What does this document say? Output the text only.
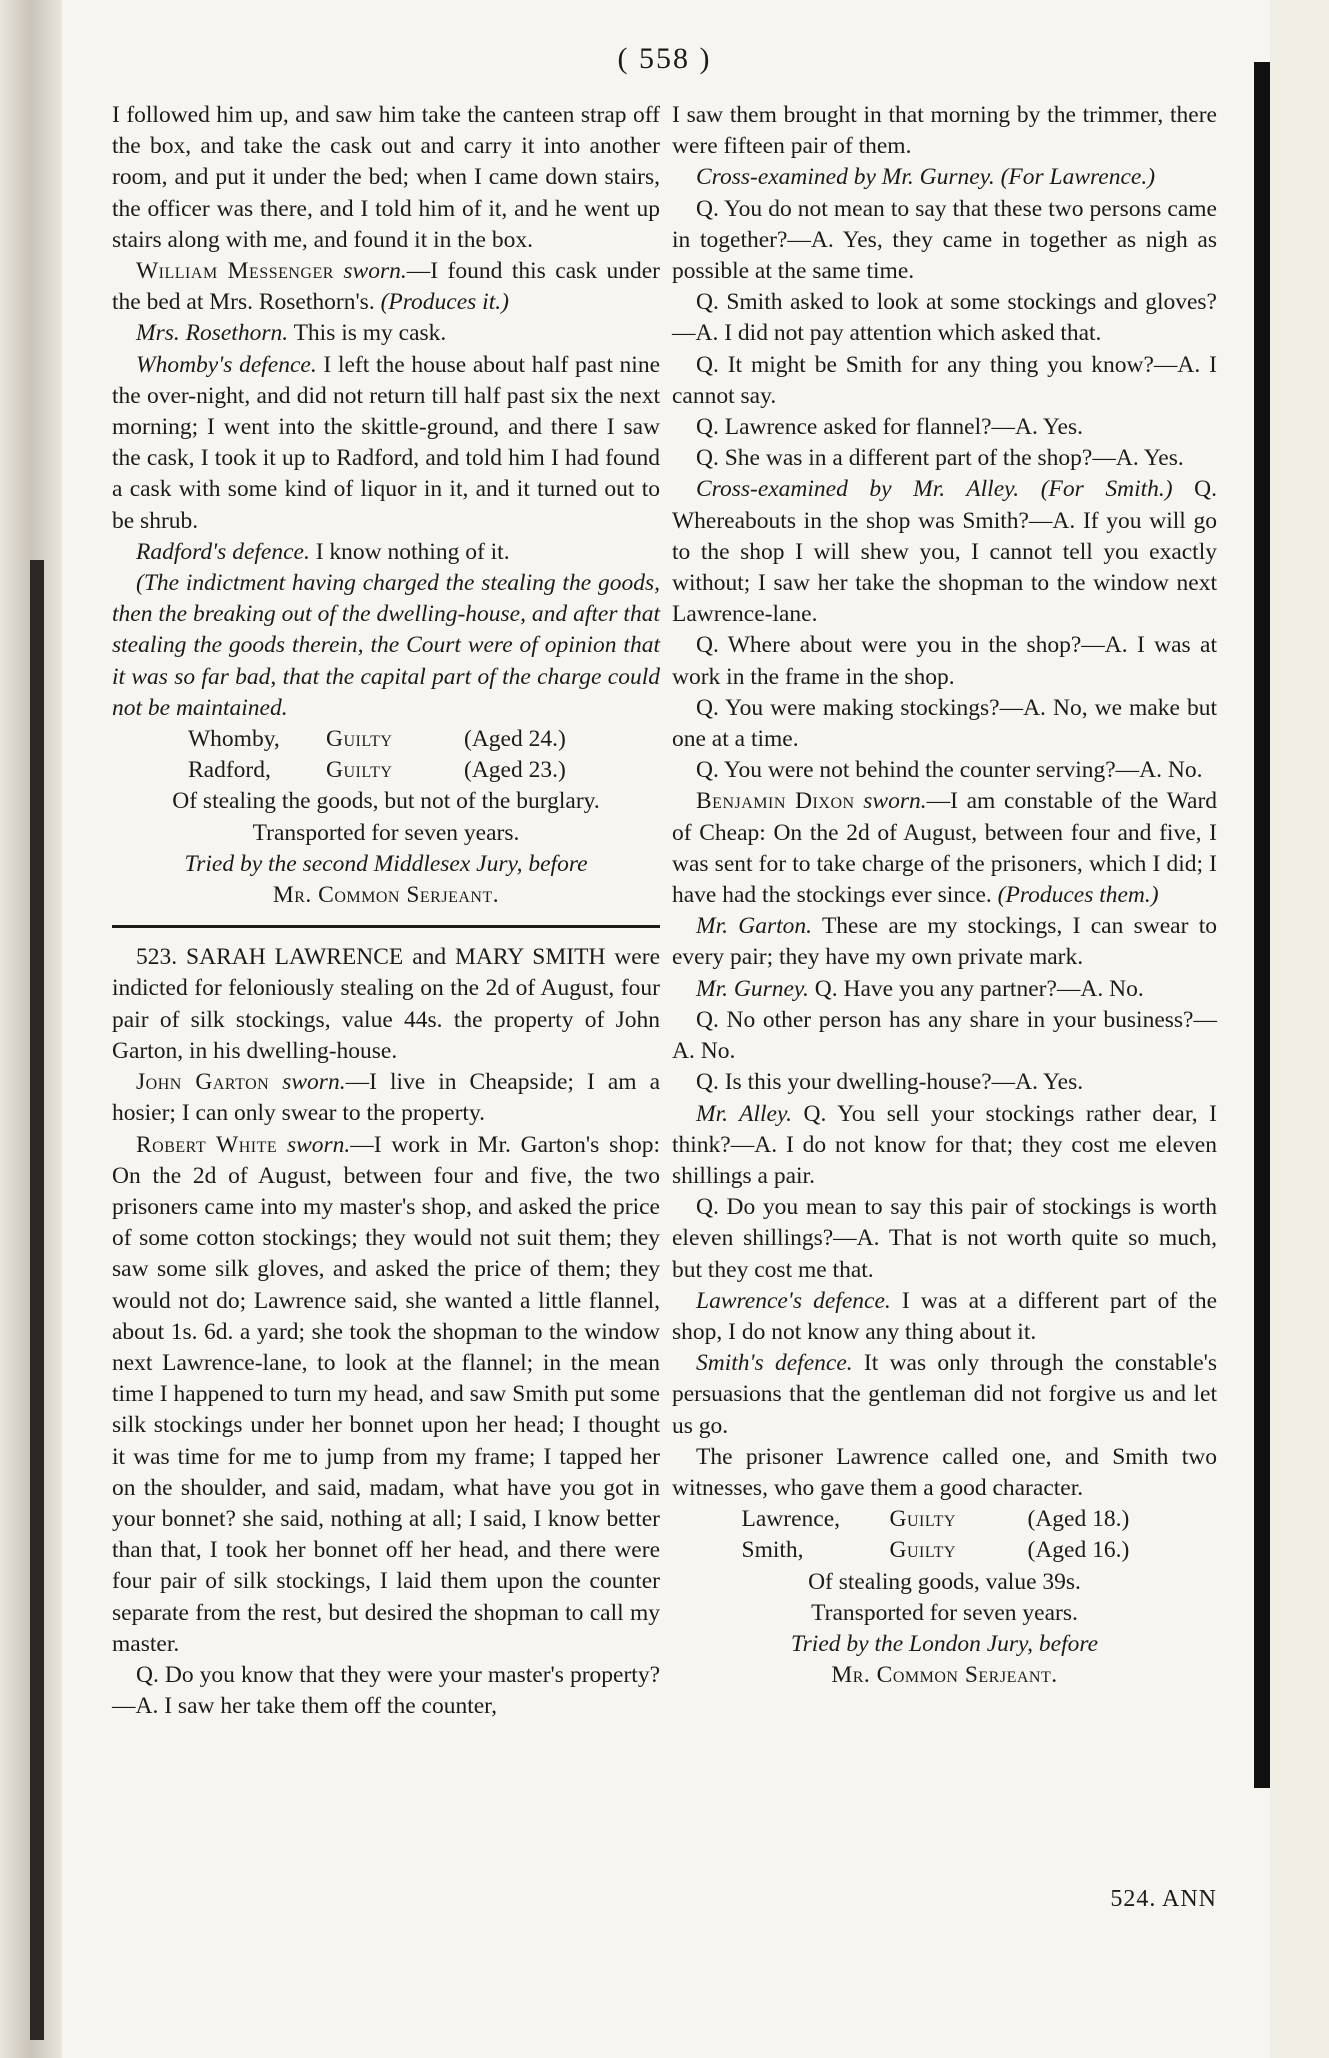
( 558 )

I followed him up, and saw him take the canteen strap off the box, and take the cask out and carry it into another room, and put it under the bed; when I came down stairs, the officer was there, and I told him of it, and he went up stairs along with me, and found it in the box.

William Messenger sworn.—I found this cask under the bed at Mrs. Rosethorn's. (Produces it.)

Mrs. Rosethorn. This is my cask.

Whomby's defence. I left the house about half past nine the over-night, and did not return till half past six the next morning; I went into the skittle-ground, and there I saw the cask, I took it up to Radford, and told him I had found a cask with some kind of liquor in it, and it turned out to be shrub.

Radford's defence. I know nothing of it.

(The indictment having charged the stealing the goods, then the breaking out of the dwelling-house, and after that stealing the goods therein, the Court were of opinion that it was so far bad, that the capital part of the charge could not be maintained.

Whomby,	Guilty	(Aged 24.)
Radford,	Guilty	(Aged 23.)

Of stealing the goods, but not of the burglary.

Transported for seven years.

Tried by the second Middlesex Jury, before

Mr. Common Serjeant.

523. SARAH LAWRENCE and MARY SMITH were indicted for feloniously stealing on the 2d of August, four pair of silk stockings, value 44s. the property of John Garton, in his dwelling-house.

John Garton sworn.—I live in Cheapside; I am a hosier; I can only swear to the property.

Robert White sworn.—I work in Mr. Garton's shop: On the 2d of August, between four and five, the two prisoners came into my master's shop, and asked the price of some cotton stockings; they would not suit them; they saw some silk gloves, and asked the price of them; they would not do; Lawrence said, she wanted a little flannel, about 1s. 6d. a yard; she took the shopman to the window next Lawrence-lane, to look at the flannel; in the mean time I happened to turn my head, and saw Smith put some silk stockings under her bonnet upon her head; I thought it was time for me to jump from my frame; I tapped her on the shoulder, and said, madam, what have you got in your bonnet? she said, nothing at all; I said, I know better than that, I took her bonnet off her head, and there were four pair of silk stockings, I laid them upon the counter separate from the rest, but desired the shopman to call my master.

Q. Do you know that they were your master's property?—A. I saw her take them off the counter,

I saw them brought in that morning by the trimmer, there were fifteen pair of them.

Cross-examined by Mr. Gurney. (For Lawrence.)

Q. You do not mean to say that these two persons came in together?—A. Yes, they came in together as nigh as possible at the same time.

Q. Smith asked to look at some stockings and gloves?—A. I did not pay attention which asked that.

Q. It might be Smith for any thing you know?—A. I cannot say.

Q. Lawrence asked for flannel?—A. Yes.

Q. She was in a different part of the shop?—A. Yes.

Cross-examined by Mr. Alley. (For Smith.) Q. Whereabouts in the shop was Smith?—A. If you will go to the shop I will shew you, I cannot tell you exactly without; I saw her take the shopman to the window next Lawrence-lane.

Q. Where about were you in the shop?—A. I was at work in the frame in the shop.

Q. You were making stockings?—A. No, we make but one at a time.

Q. You were not behind the counter serving?—A. No.

Benjamin Dixon sworn.—I am constable of the Ward of Cheap: On the 2d of August, between four and five, I was sent for to take charge of the prisoners, which I did; I have had the stockings ever since. (Produces them.)

Mr. Garton. These are my stockings, I can swear to every pair; they have my own private mark.

Mr. Gurney. Q. Have you any partner?—A. No.

Q. No other person has any share in your business?—A. No.

Q. Is this your dwelling-house?—A. Yes.

Mr. Alley. Q. You sell your stockings rather dear, I think?—A. I do not know for that; they cost me eleven shillings a pair.

Q. Do you mean to say this pair of stockings is worth eleven shillings?—A. That is not worth quite so much, but they cost me that.

Lawrence's defence. I was at a different part of the shop, I do not know any thing about it.

Smith's defence. It was only through the constable's persuasions that the gentleman did not forgive us and let us go.

The prisoner Lawrence called one, and Smith two witnesses, who gave them a good character.

Lawrence,	Guilty	(Aged 18.)
Smith,	Guilty	(Aged 16.)

Of stealing goods, value 39s.

Transported for seven years.

Tried by the London Jury, before

Mr. Common Serjeant.

524. ANN
